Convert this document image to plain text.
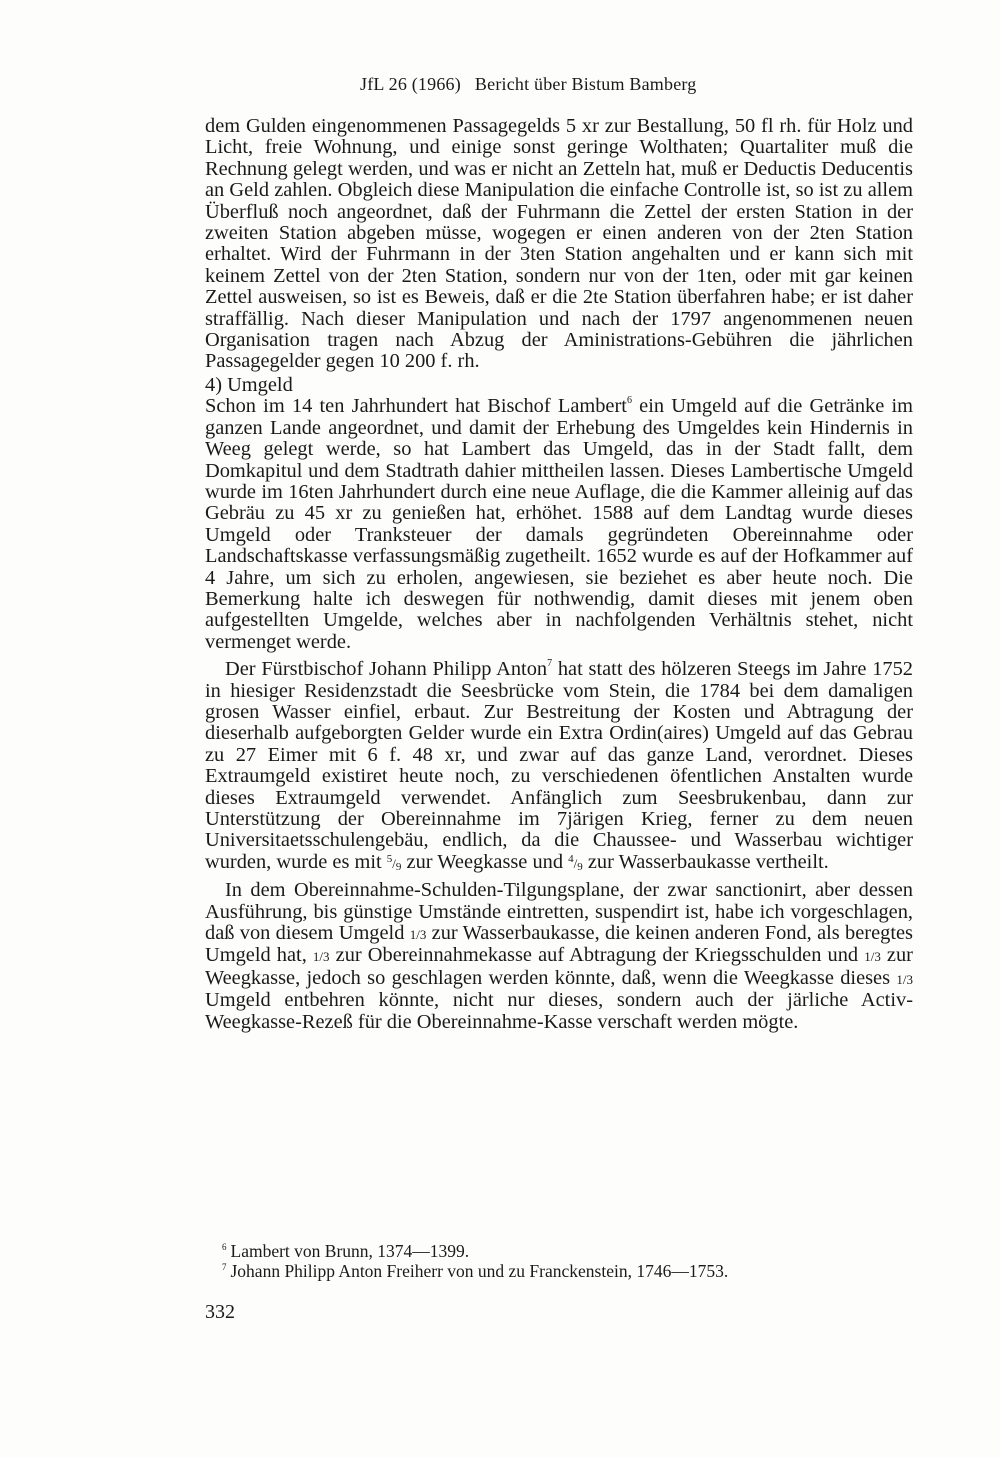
JfL 26 (1966) Bericht über Bistum Bamberg

dem Gulden eingenommenen Passagegelds 5 xr zur Bestallung, 50 fl rh. für Holz und Licht, freie Wohnung, und einige sonst geringe Wolthaten; Quartaliter muß die Rechnung gelegt werden, und was er nicht an Zetteln hat, muß er Deductis Deducentis an Geld zahlen. Obgleich diese Manipulation die einfache Controlle ist, so ist zu allem Überfluß noch angeordnet, daß der Fuhrmann die Zettel der ersten Station in der zweiten Station abgeben müsse, wogegen er einen anderen von der 2ten Station erhaltet. Wird der Fuhrmann in der 3ten Station angehalten und er kann sich mit keinem Zettel von der 2ten Station, sondern nur von der 1ten, oder mit gar keinen Zettel ausweisen, so ist es Beweis, daß er die 2te Station überfahren habe; er ist daher straffällig. Nach dieser Manipulation und nach der 1797 angenommenen neuen Organisation tragen nach Abzug der Aministrations-Gebühren die jährlichen Passagegelder gegen 10 200 f. rh.

4) Umgeld

Schon im 14 ten Jahrhundert hat Bischof Lambert$^6$ ein Umgeld auf die Getränke im ganzen Lande angeordnet, und damit der Erhebung des Umgeldes kein Hindernis in Weeg gelegt werde, so hat Lambert das Umgeld, das in der Stadt fallt, dem Domkapitul und dem Stadtrath dahier mittheilen lassen. Dieses Lambertische Umgeld wurde im 16ten Jahrhundert durch eine neue Auflage, die die Kammer alleinig auf das Gebräu zu 45 xr zu genießen hat, erhöhet. 1588 auf dem Landtag wurde dieses Umgeld oder Tranksteuer der damals gegründeten Obereinnahme oder Landschaftskasse verfassungsmäßig zugetheilt. 1652 wurde es auf der Hofkammer auf 4 Jahre, um sich zu erholen, angewiesen, sie beziehet es aber heute noch. Die Bemerkung halte ich deswegen für nothwendig, damit dieses mit jenem oben aufgestellten Umgelde, welches aber in nachfolgenden Verhältnis stehet, nicht vermenget werde.

Der Fürstbischof Johann Philipp Anton$^7$ hat statt des hölzeren Steegs im Jahre 1752 in hiesiger Residenzstadt die Seesbrücke vom Stein, die 1784 bei dem damaligen grosen Wasser einfiel, erbaut. Zur Bestreitung der Kosten und Abtragung der dieserhalb aufgeborgten Gelder wurde ein Extra Ordin(aires) Umgeld auf das Gebrau zu 27 Eimer mit 6 f. 48 xr, und zwar auf das ganze Land, verordnet. Dieses Extraumgeld existiret heute noch, zu verschiedenen öfentlichen Anstalten wurde dieses Extraumgeld verwendet. Anfänglich zum Seesbrukenbau, dann zur Unterstützung der Obereinnahme im 7järigen Krieg, ferner zu dem neuen Universitaetsschulengebäu, endlich, da die Chaussee- und Wasserbau wichtiger wurden, wurde es mit $^5/_9$ zur Weegkasse und $^4/_9$ zur Wasserbaukasse vertheilt.

In dem Obereinnahme-Schulden-Tilgungsplane, der zwar sanctionirt, aber dessen Ausführung, bis günstige Umstände eintretten, suspendirt ist, habe ich vorgeschlagen, daß von diesem Umgeld 1/3 zur Wasserbaukasse, die keinen anderen Fond, als beregtes Umgeld hat, 1/3 zur Obereinnahmekasse auf Abtragung der Kriegsschulden und 1/3 zur Weegkasse, jedoch so geschlagen werden könnte, daß, wenn die Weegkasse dieses 1/3 Umgeld entbehren könnte, nicht nur dieses, sondern auch der järliche Activ-Weegkasse-Rezeß für die Obereinnahme-Kasse verschaft werden mögte.

$^6$ Lambert von Brunn, 1374—1399.
$^7$ Johann Philipp Anton Freiherr von und zu Franckenstein, 1746—1753.
332
